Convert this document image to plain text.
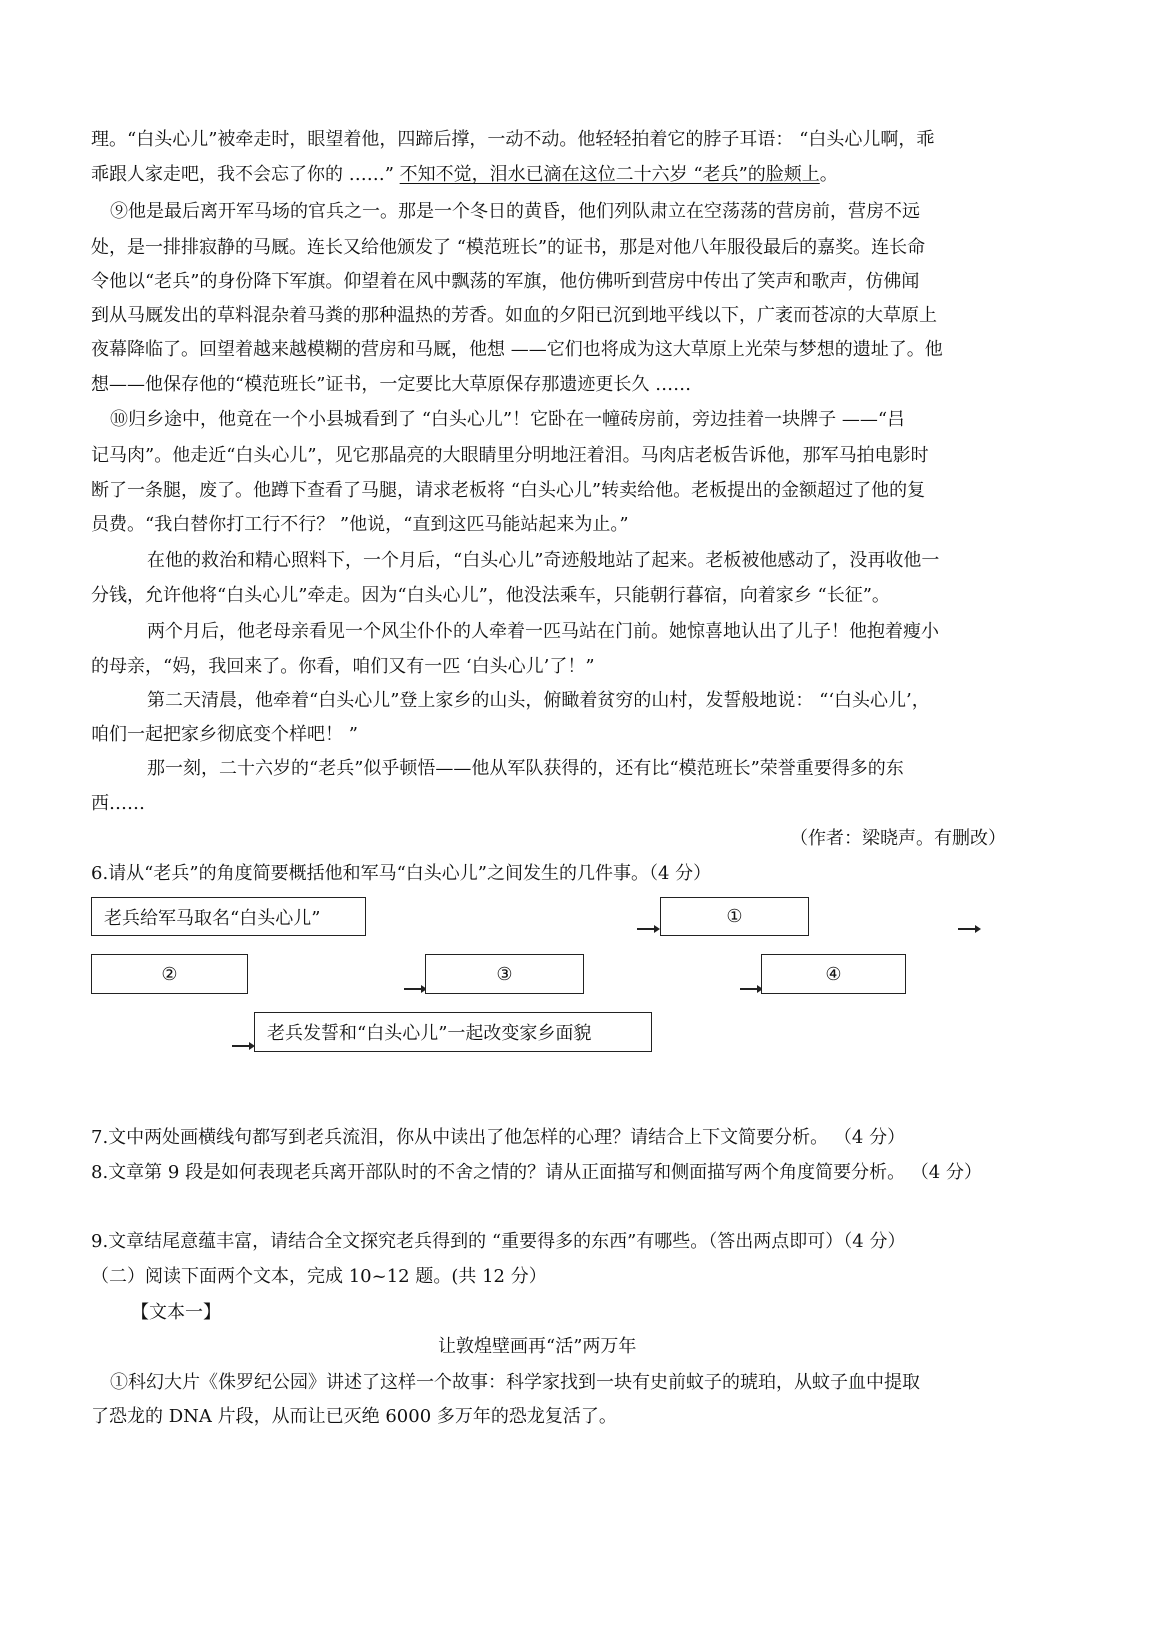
理。“白头心儿”被牵走时，眼望着他，四蹄后撑，一动不动。他轻轻拍着它的脖子耳语： “白头心儿啊，乖
乖跟人家走吧，我不会忘了你的 ……” 不知不觉，泪水已滴在这位二十六岁 “老兵”的脸颊上。
⑨他是最后离开军马场的官兵之一。那是一个冬日的黄昏，他们列队肃立在空荡荡的营房前，营房不远
处，是一排排寂静的马厩。连长又给他颁发了 “模范班长”的证书，那是对他八年服役最后的嘉奖。连长命
令他以“老兵”的身份降下军旗。仰望着在风中飘荡的军旗，他仿佛听到营房中传出了笑声和歌声，仿佛闻
到从马厩发出的草料混杂着马粪的那种温热的芳香。如血的夕阳已沉到地平线以下，广袤而苍凉的大草原上
夜幕降临了。回望着越来越模糊的营房和马厩，他想 ——它们也将成为这大草原上光荣与梦想的遗址了。他
想——他保存他的“模范班长”证书，一定要比大草原保存那遗迹更长久 ……
⑩归乡途中，他竟在一个小县城看到了 “白头心儿”！它卧在一幢砖房前，旁边挂着一块牌子 ——“吕
记马肉”。他走近“白头心儿”，见它那晶亮的大眼睛里分明地汪着泪。马肉店老板告诉他，那军马拍电影时
断了一条腿，废了。他蹲下查看了马腿，请求老板将 “白头心儿”转卖给他。老板提出的金额超过了他的复
员费。“我白替你打工行不行？ ”他说，“直到这匹马能站起来为止。”
在他的救治和精心照料下，一个月后，“白头心儿”奇迹般地站了起来。老板被他感动了，没再收他一
分钱，允许他将“白头心儿”牵走。因为“白头心儿”，他没法乘车，只能朝行暮宿，向着家乡 “长征”。
两个月后，他老母亲看见一个风尘仆仆的人牵着一匹马站在门前。她惊喜地认出了儿子！他抱着瘦小
的母亲，“妈，我回来了。你看，咱们又有一匹 ‘白头心儿’了！”
第二天清晨，他牵着“白头心儿”登上家乡的山头，俯瞰着贫穷的山村，发誓般地说： “‘白头心儿’，
咱们一起把家乡彻底变个样吧！ ”
那一刻，二十六岁的“老兵”似乎顿悟——他从军队获得的，还有比“模范班长”荣誉重要得多的东
西……
（作者：梁晓声。有删改）
6.请从“老兵”的角度简要概括他和军马“白头心儿”之间发生的几件事。（4 分）
老兵给军马取名“白头心儿”	①
②	③	④
老兵发誓和“白头心儿”一起改变家乡面貌
7.文中两处画横线句都写到老兵流泪，你从中读出了他怎样的心理？请结合上下文简要分析。 （4 分）
8.文章第 9 段是如何表现老兵离开部队时的不舍之情的？请从正面描写和侧面描写两个角度简要分析。 （4 分）
9.文章结尾意蕴丰富，请结合全文探究老兵得到的 “重要得多的东西”有哪些。（答出两点即可）（4 分）
（二）阅读下面两个文本，完成 10~12 题。(共 12 分）
【文本一】
让敦煌壁画再“活”两万年
①科幻大片《侏罗纪公园》讲述了这样一个故事：科学家找到一块有史前蚊子的琥珀，从蚊子血中提取
了恐龙的 DNA 片段，从而让已灭绝 6000 多万年的恐龙复活了。
